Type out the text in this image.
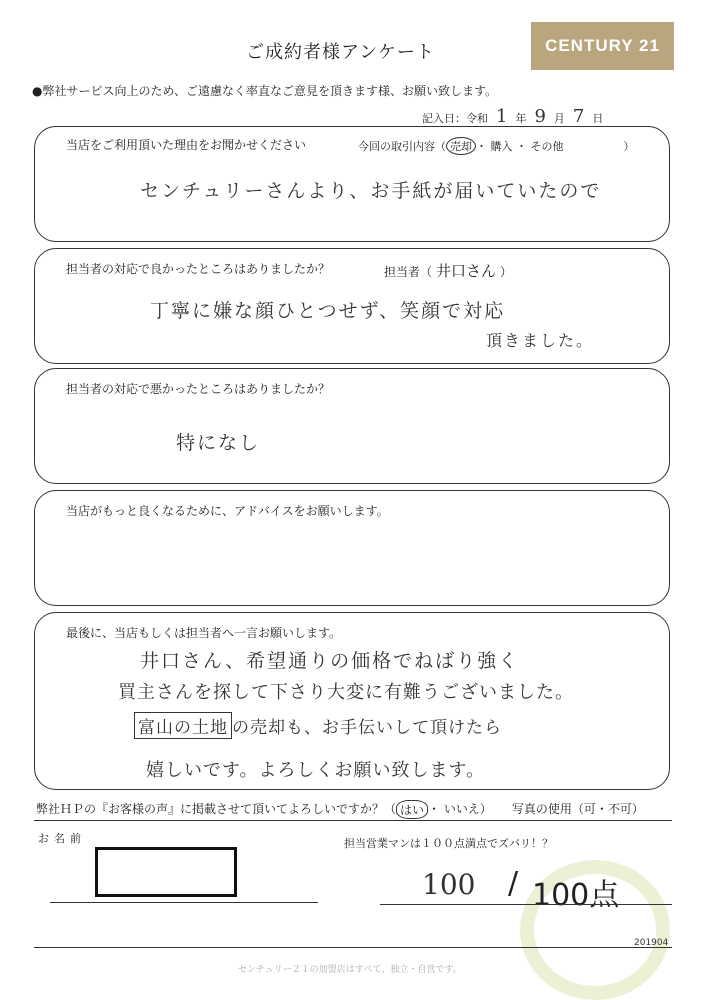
ご成約者様アンケート	CENTURY 21
●弊社サービス向上のため、ご遠慮なく率直なご意見を頂きます様、お願い致します。
記入日： 令和 1 年 9 月 7 日
当店をご利用頂いた理由をお聞かせください	今回の取引内容（ 売却 ・ 購入 ・ その他	）
センチュリーさんより、お手紙が届いていたので
担当者の対応で良かったところはありましたか？	担当者（ 井口さん ）
丁寧に嫌な顔ひとつせず、笑顔で対応
頂きました。
担当者の対応で悪かったところはありましたか？
特になし
当店がもっと良くなるために、アドバイスをお願いします。
最後に、当店もしくは担当者へ一言お願いします。
井口さん、希望通りの価格でねばり強く
買主さんを探して下さり大変に有難うございました。
富山の土地 の売却も、お手伝いして頂けたら
嬉しいです。よろしくお願い致します。
弊社ＨＰの『お客様の声』に掲載させて頂いてよろしいですか？（ はい ・ いいえ） 写真の使用（可・不可）
お名前	担当営業マンは１００点満点でズバリ！？
100 / 100点
201904
センチュリー２１の加盟店はすべて、独立・自営です。
